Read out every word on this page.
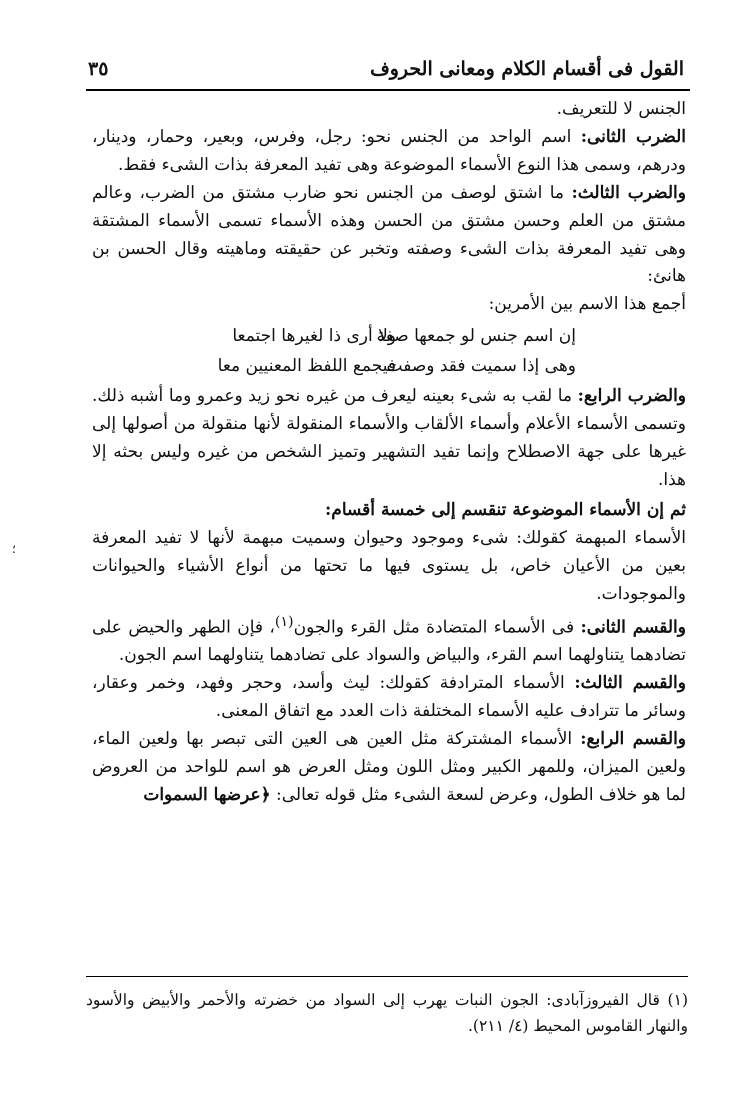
القول فى أقسام الكلام ومعانى الحروف
٣٥

الجنس لا للتعريف.

الضرب الثانى: اسم الواحد من الجنس نحو: رجل، وفرس، وبعير، وحمار، ودينار، ودرهم، وسمى هذا النوع الأسماء الموضوعة وهى تفيد المعرفة بذات الشىء فقط.

والضرب الثالث: ما اشتق لوصف من الجنس نحو ضارب مشتق من الضرب، وعالم مشتق من العلم وحسن مشتق من الحسن وهذه الأسماء تسمى الأسماء المشتقة وهى تفيد المعرفة بذات الشىء وصفته وتخبر عن حقيقته وماهيته وقال الحسن بن هانئ:

أجمع هذا الاسم بين الأمرين:

إن اسم جنس لو جمعها صفة
ولا أرى ذا لغيرها اجتمعا
وهى إذا سميت فقد وصفت
فيجمع اللفظ المعنيين معا

والضرب الرابع: ما لقب به شىء بعينه ليعرف من غيره نحو زيد وعمرو وما أشبه ذلك. وتسمى الأسماء الأعلام وأسماء الألقاب والأسماء المنقولة لأنها منقولة من أصولها إلى غيرها على جهة الاصطلاح وإنما تفيد التشهير وتميز الشخص من غيره وليس بحثه إلا هذا.

ثم إن الأسماء الموضوعة تنقسم إلى خمسة أقسام:

الأسماء المبهمة كقولك: شىء وموجود وحيوان وسميت مبهمة لأنها لا تفيد المعرفة بعين من الأعيان خاص، بل يستوى فيها ما تحتها من أنواع الأشياء والحيوانات والموجودات.

والقسم الثانى: فى الأسماء المتضادة مثل القرء والجون$^{(١)}$، فإن الطهر والحيض على تضادهما يتناولهما اسم القرء، والبياض والسواد على تضادهما يتناولهما اسم الجون.

والقسم الثالث: الأسماء المترادفة كقولك: ليث وأسد، وحجر وفهد، وخمر وعقار، وسائر ما تترادف عليه الأسماء المختلفة ذات العدد مع اتفاق المعنى.

والقسم الرابع: الأسماء المشتركة مثل العين هى العين التى تبصر بها ولعين الماء، ولعين الميزان، وللمهر الكبير ومثل اللون ومثل العرض هو اسم للواحد من العروض لما هو خلاف الطول، وعرض لسعة الشىء مثل قوله تعالى: ﴿عرضها السموات

(١) قال الفيروزآبادى: الجون النبات يهرب إلى السواد من خضرته والأحمر والأبيض والأسود والنهار القاموس المحيط (٤/ ٢١١).
؛
